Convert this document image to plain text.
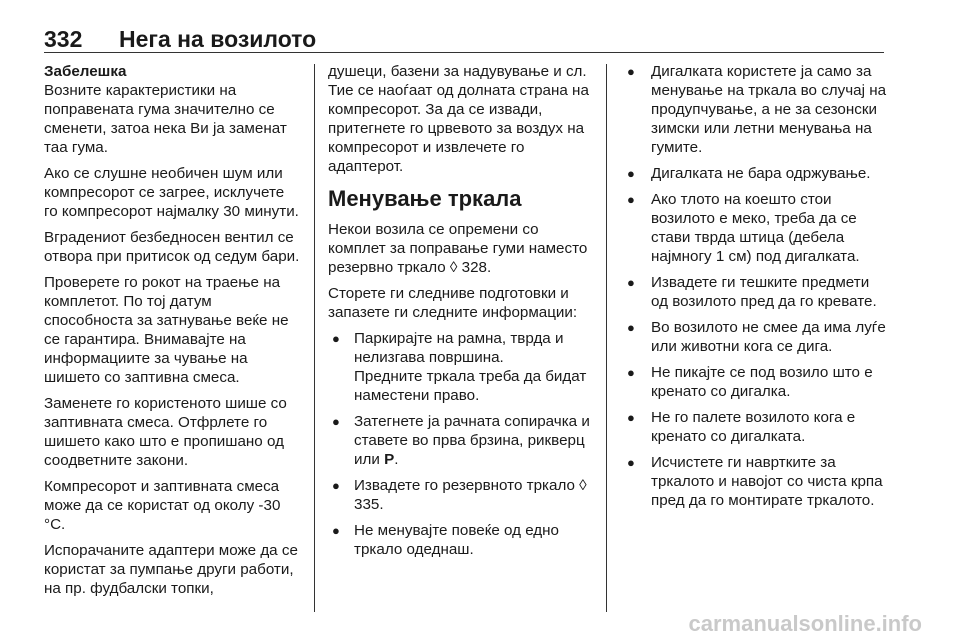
332 Нега на возилото
Забелешка

Возните карактеристики на поправената гума значително се сменети, затоа нека Ви ја заменат таа гума.

Ако се слушне необичен шум или компресорот се загрее, исклучете го компресорот најмалку 30 минути.

Вградениот безбедносен вентил се отвора при притисок од седум бари.

Проверете го рокот на траење на комплетот. По тој датум способноста за затнување веќе не се гарантира. Внимавајте на информациите за чување на шишето со заптивна смеса.

Заменете го користеното шише со заптивната смеса. Отфрлете го шишето како што е пропишано од соодветните закони.

Компресорот и заптивната смеса може да се користат од околу -30 °C.

Испорачаните адаптери може да се користат за пумпање други работи, на пр. фудбалски топки,

душеци, базени за надувување и сл. Тие се наоѓаат од долната страна на компресорот. За да се извади, притегнете го црвевото за воздух на компресорот и извлечете го адаптерот.

Менување тркала

Некои возила се опремени со комплет за поправање гуми наместо резервно тркало ◊ 328.

Сторете ги следниве подготовки и запазете ги следните информации:

● Паркирајте на рамна, тврда и нелизгава површина.
Предните тркала треба да бидат наместени право.
● Затегнете ја рачната сопирачка и ставете во прва брзина, рикверц или P.
● Извадете го резервното тркало ◊ 335.
● Не менувајте повеќе од едно тркало одеднаш.
● Дигалката користете ја само за менување на тркала во случај на продупчување, а не за сезонски зимски или летни менувања на гумите.
● Дигалката не бара одржување.
● Ако тлото на коешто стои возилото е меко, треба да се стави тврда штица (дебела најмногу 1 см) под дигалката.
● Извадете ги тешките предмети од возилото пред да го кревате.
● Во возилото не смее да има луѓе или животни кога се дига.
● Не пикајте се под возило што е кренато со дигалка.
● Не го палете возилото кога е кренато со дигалката.
● Исчистете ги навртките за тркалото и навојот со чиста крпа пред да го монтирате тркалото.
carmanualsonline.info
